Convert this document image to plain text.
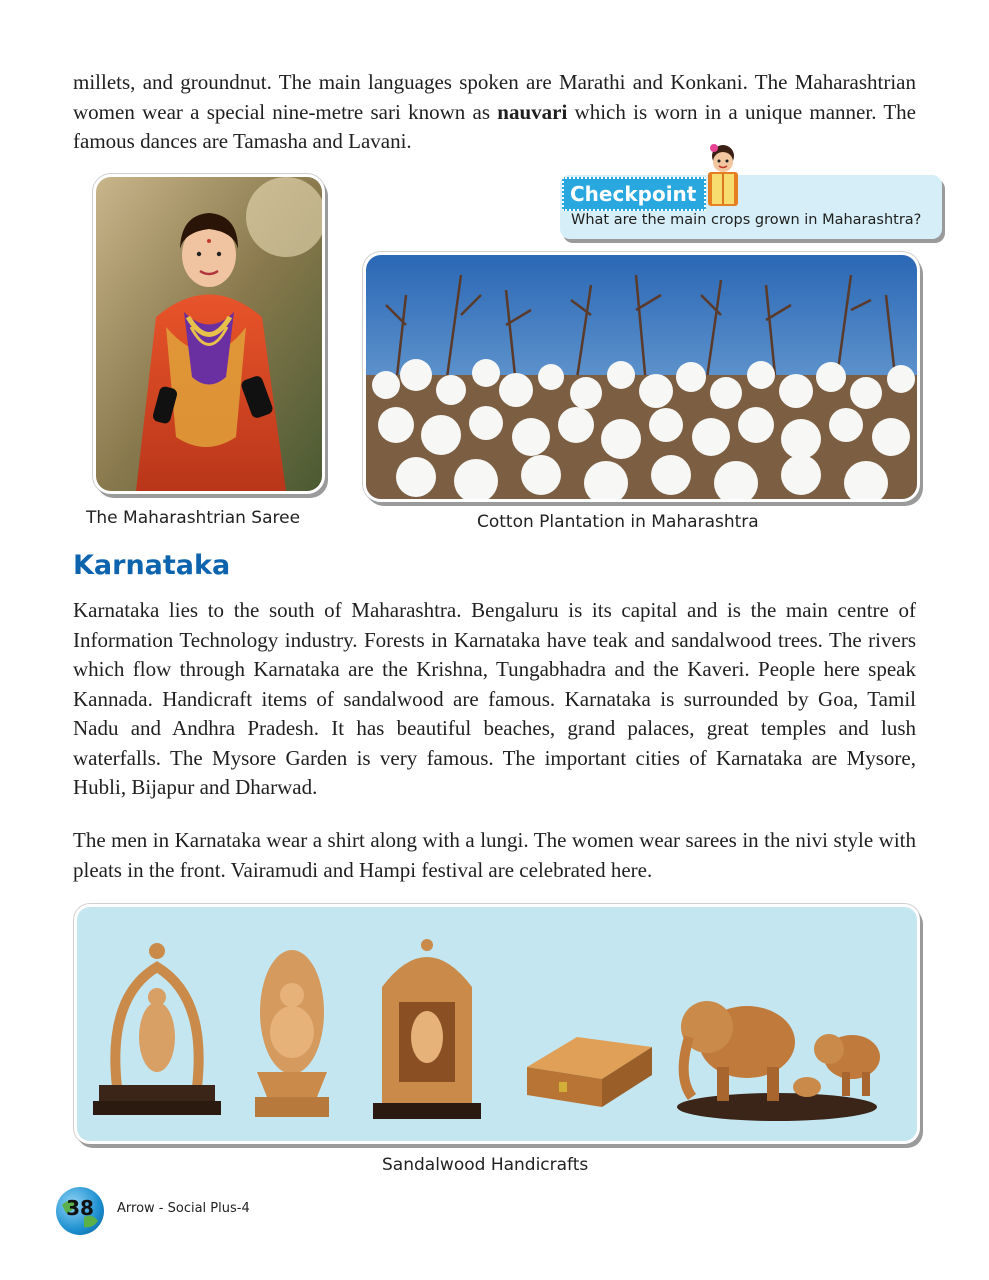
millets, and groundnut. The main languages spoken are Marathi and Konkani. The Maharashtrian women wear a special nine-metre sari known as nauvari which is worn in a unique manner. The famous dances are Tamasha and Lavani.

Checkpoint
What are the main crops grown in Maharashtra?
The Maharashtrian Saree	Cotton Plantation in Maharashtra
Karnataka

Karnataka lies to the south of Maharashtra. Bengaluru is its capital and is the main centre of Information Technology industry. Forests in Karnataka have teak and sandalwood trees. The rivers which flow through Karnataka are the Krishna, Tungabhadra and the Kaveri. People here speak Kannada. Handicraft items of sandalwood are famous. Karnataka is surrounded by Goa, Tamil Nadu and Andhra Pradesh. It has beautiful beaches, grand palaces, great temples and lush waterfalls. The Mysore Garden is very famous. The important cities of Karnataka are Mysore, Hubli, Bijapur and Dharwad.

The men in Karnataka wear a shirt along with a lungi. The women wear sarees in the nivi style with pleats in the front. Vairamudi and Hampi festival are celebrated here.

Sandalwood Handicrafts
38	Arrow - Social Plus-4
